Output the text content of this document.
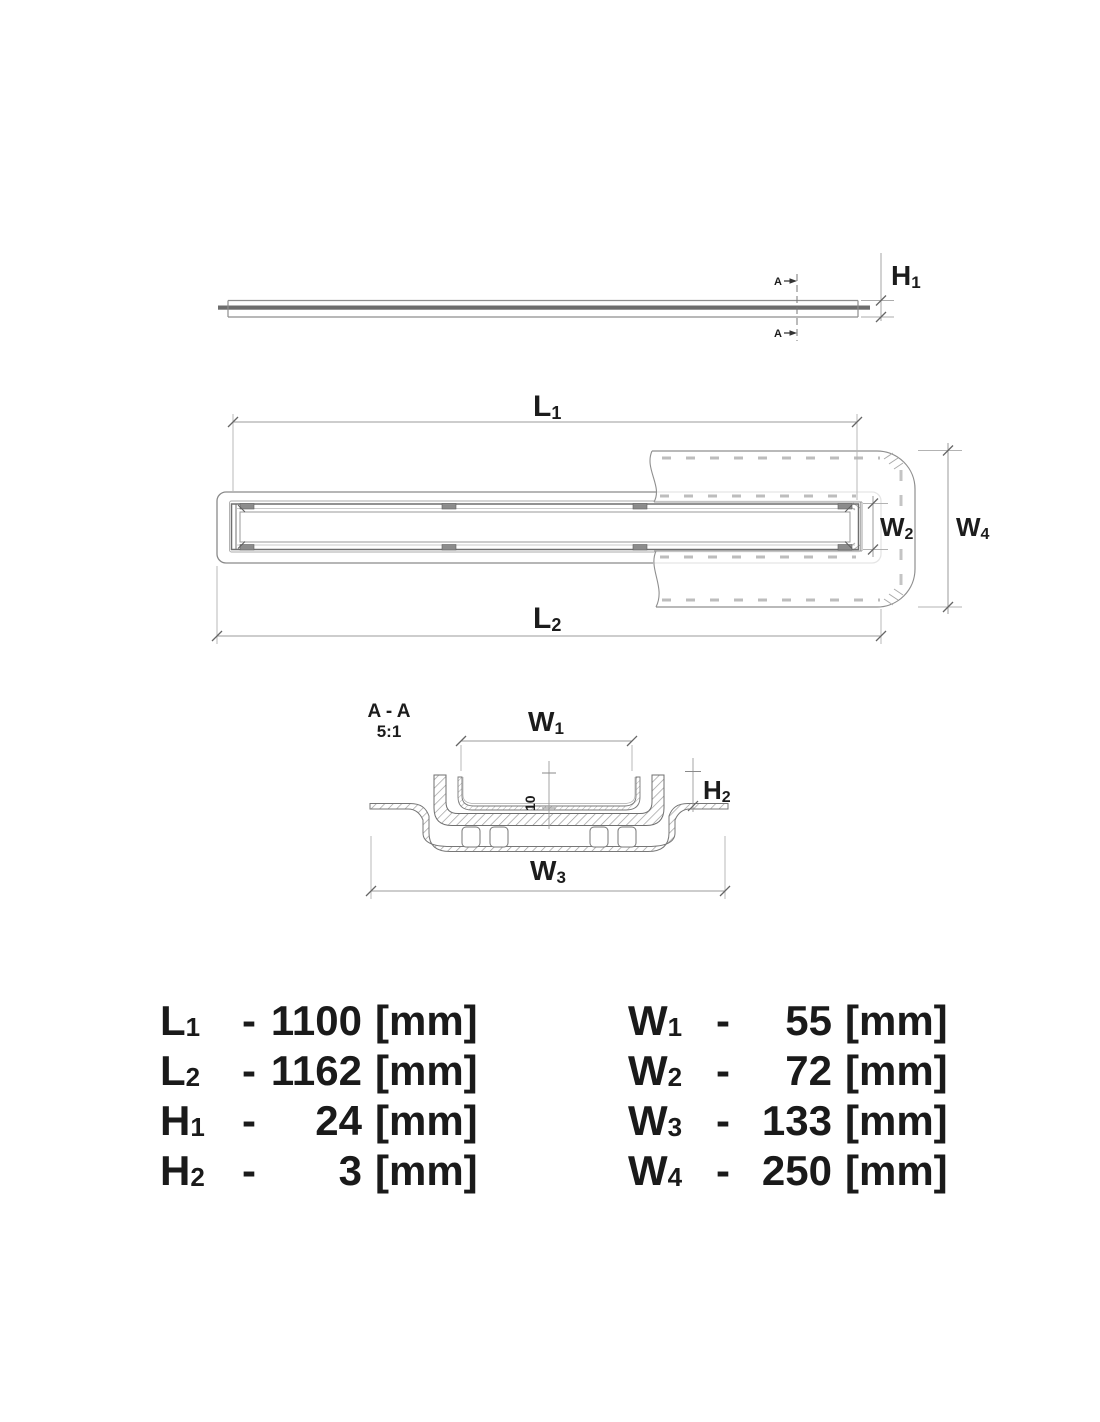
H1
A
A
L1
L2
W2 W4
A - A
5:1	W1
10	H2
W3
$L_1 - 1100$ [mm]
$L_2 - 1162$ [mm]
$H_1$ -	24 [mm]
$H_2$ -	3 [mm]
$W_1$ -	55 [mm]
$W_2$ -	72 [mm]
$W_3 - 133$ [mm]
$W_4 - 250$ [mm]
